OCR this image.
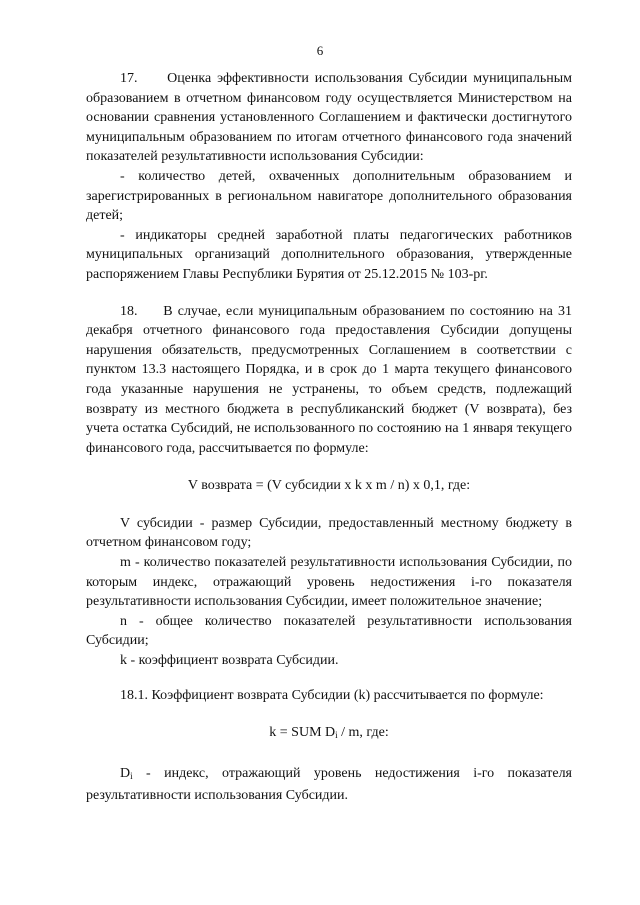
6

17.     Оценка эффективности использования Субсидии муниципальным образованием в отчетном финансовом году осуществляется Министерством на основании сравнения установленного Соглашением и фактически достигнутого муниципальным образованием по итогам отчетного финансового года значений показателей результативности использования Субсидии:

- количество детей, охваченных дополнительным образованием и зарегистрированных в региональном навигаторе дополнительного образования детей;

- индикаторы средней заработной платы педагогических работников муниципальных организаций дополнительного образования, утвержденные распоряжением Главы Республики Бурятия от 25.12.2015 № 103-рг.

18.     В случае, если муниципальным образованием по состоянию на 31 декабря отчетного финансового года предоставления Субсидии допущены нарушения обязательств, предусмотренных Соглашением в соответствии с пунктом 13.3 настоящего Порядка, и в срок до 1 марта текущего финансового года указанные нарушения не устранены, то объем средств, подлежащий возврату из местного бюджета в республиканский бюджет (V возврата), без учета остатка Субсидий, не использованного по состоянию на 1 января текущего финансового года, рассчитывается по формуле:

V возврата = (V субсидии x k x m / n) x 0,1, где:

V субсидии - размер Субсидии, предоставленный местному бюджету в отчетном финансовом году;

m - количество показателей результативности использования Субсидии, по которым индекс, отражающий уровень недостижения i-го показателя результативности использования Субсидии, имеет положительное значение;

n - общее количество показателей результативности использования Субсидии;

k - коэффициент возврата Субсидии.

18.1. Коэффициент возврата Субсидии (k) рассчитывается по формуле:

k = SUM $D_i$ / m, где:

$D_i$ - индекс, отражающий уровень недостижения i-го показателя результативности использования Субсидии.
